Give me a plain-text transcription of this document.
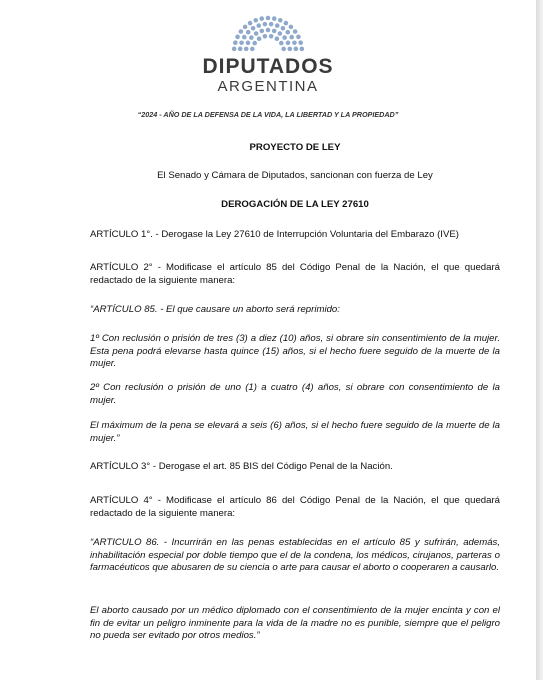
DIPUTADOS
ARGENTINA
“2024 - AÑO DE LA DEFENSA DE LA VIDA, LA LIBERTAD Y LA PROPIEDAD”
PROYECTO DE LEY
El Senado y Cámara de Diputados, sancionan con fuerza de Ley
DEROGACIÓN DE LA LEY 27610
ARTÍCULO 1°. - Derogase la Ley 27610 de Interrupción Voluntaria del Embarazo (IVE)
ARTÍCULO 2° - Modificase el artículo 85 del Código Penal de la Nación, el que quedará redactado de la siguiente manera:
“ARTÍCULO 85. - El que causare un aborto será reprimido:
1º Con reclusión o prisión de tres (3) a diez (10) años, si obrare sin consentimiento de la mujer. Esta pena podrá elevarse hasta quince (15) años, si el hecho fuere seguido de la muerte de la mujer.
2º Con reclusión o prisión de uno (1) a cuatro (4) años, si obrare con consentimiento de la mujer.
El máximum de la pena se elevará a seis (6) años, si el hecho fuere seguido de la muerte de la mujer.”
ARTÍCULO 3° - Derogase el art. 85 BIS del Código Penal de la Nación.
ARTÍCULO 4° - Modificase el artículo 86 del Código Penal de la Nación, el que quedará redactado de la siguiente manera:
“ARTICULO 86. - Incurrirán en las penas establecidas en el artículo 85 y sufrirán, además, inhabilitación especial por doble tiempo que el de la condena, los médicos, cirujanos, parteras o farmacéuticos que abusaren de su ciencia o arte para causar el aborto o cooperaren a causarlo.
El aborto causado por un médico diplomado con el consentimiento de la mujer encinta y con el fin de evitar un peligro inminente para la vida de la madre no es punible, siempre que el peligro no pueda ser evitado por otros medios.”
